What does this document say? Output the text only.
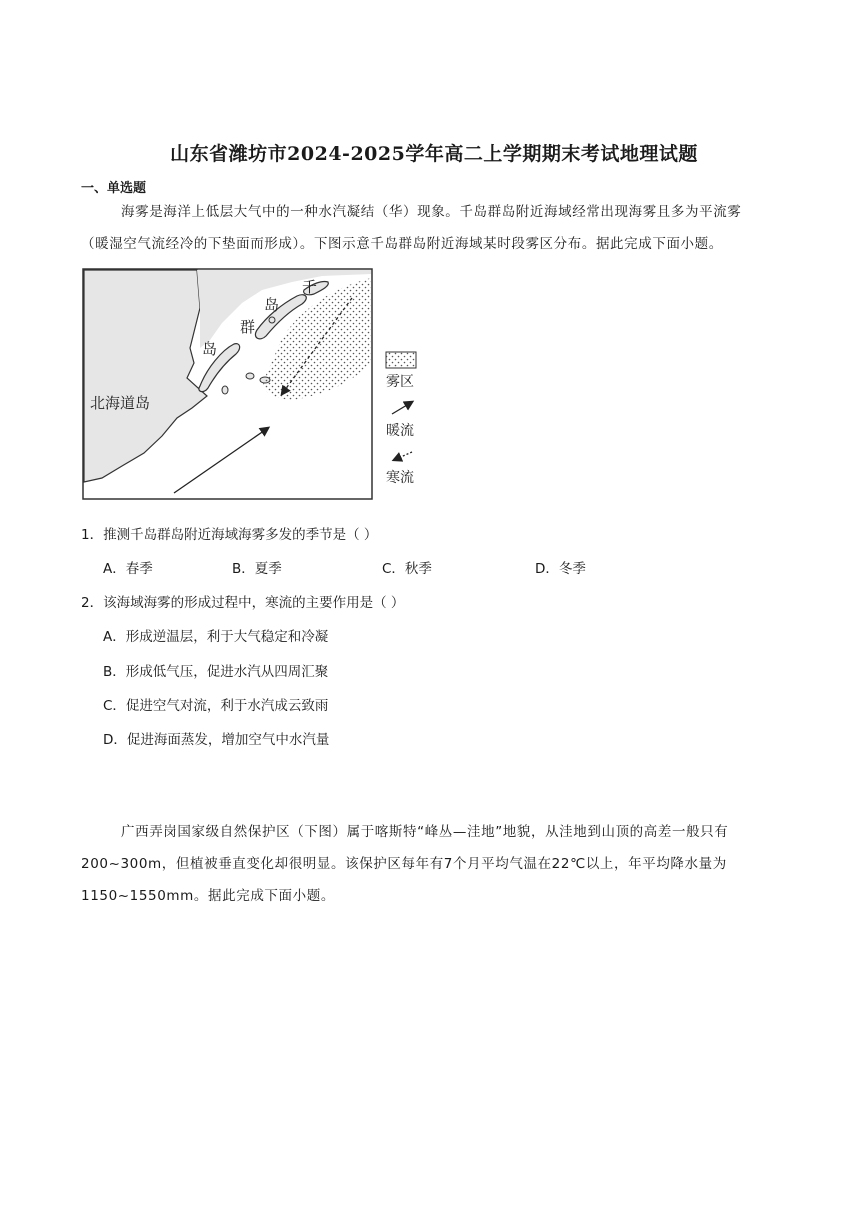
山东省潍坊市2024-2025学年高二上学期期末考试地理试题
一、单选题
海雾是海洋上低层大气中的一种水汽凝结（华）现象。千岛群岛附近海域经常出现海雾且多为平流雾
（暖湿空气流经冷的下垫面而形成）。下图示意千岛群岛附近海域某时段雾区分布。据此完成下面小题。
北海道岛
千
岛
群
岛
雾区
暖流
寒流
1．推测千岛群岛附近海域海雾多发的季节是（ ）
A．春季	B．夏季	C．秋季	D．冬季
2．该海域海雾的形成过程中，寒流的主要作用是（ ）
A．形成逆温层，利于大气稳定和冷凝
B．形成低气压，促进水汽从四周汇聚
C．促进空气对流，利于水汽成云致雨
D．促进海面蒸发，增加空气中水汽量
广西弄岗国家级自然保护区（下图）属于喀斯特“峰丛—洼地”地貌，从洼地到山顶的高差一般只有
200~300m，但植被垂直变化却很明显。该保护区每年有7个月平均气温在22℃以上，年平均降水量为
1150~1550mm。据此完成下面小题。
